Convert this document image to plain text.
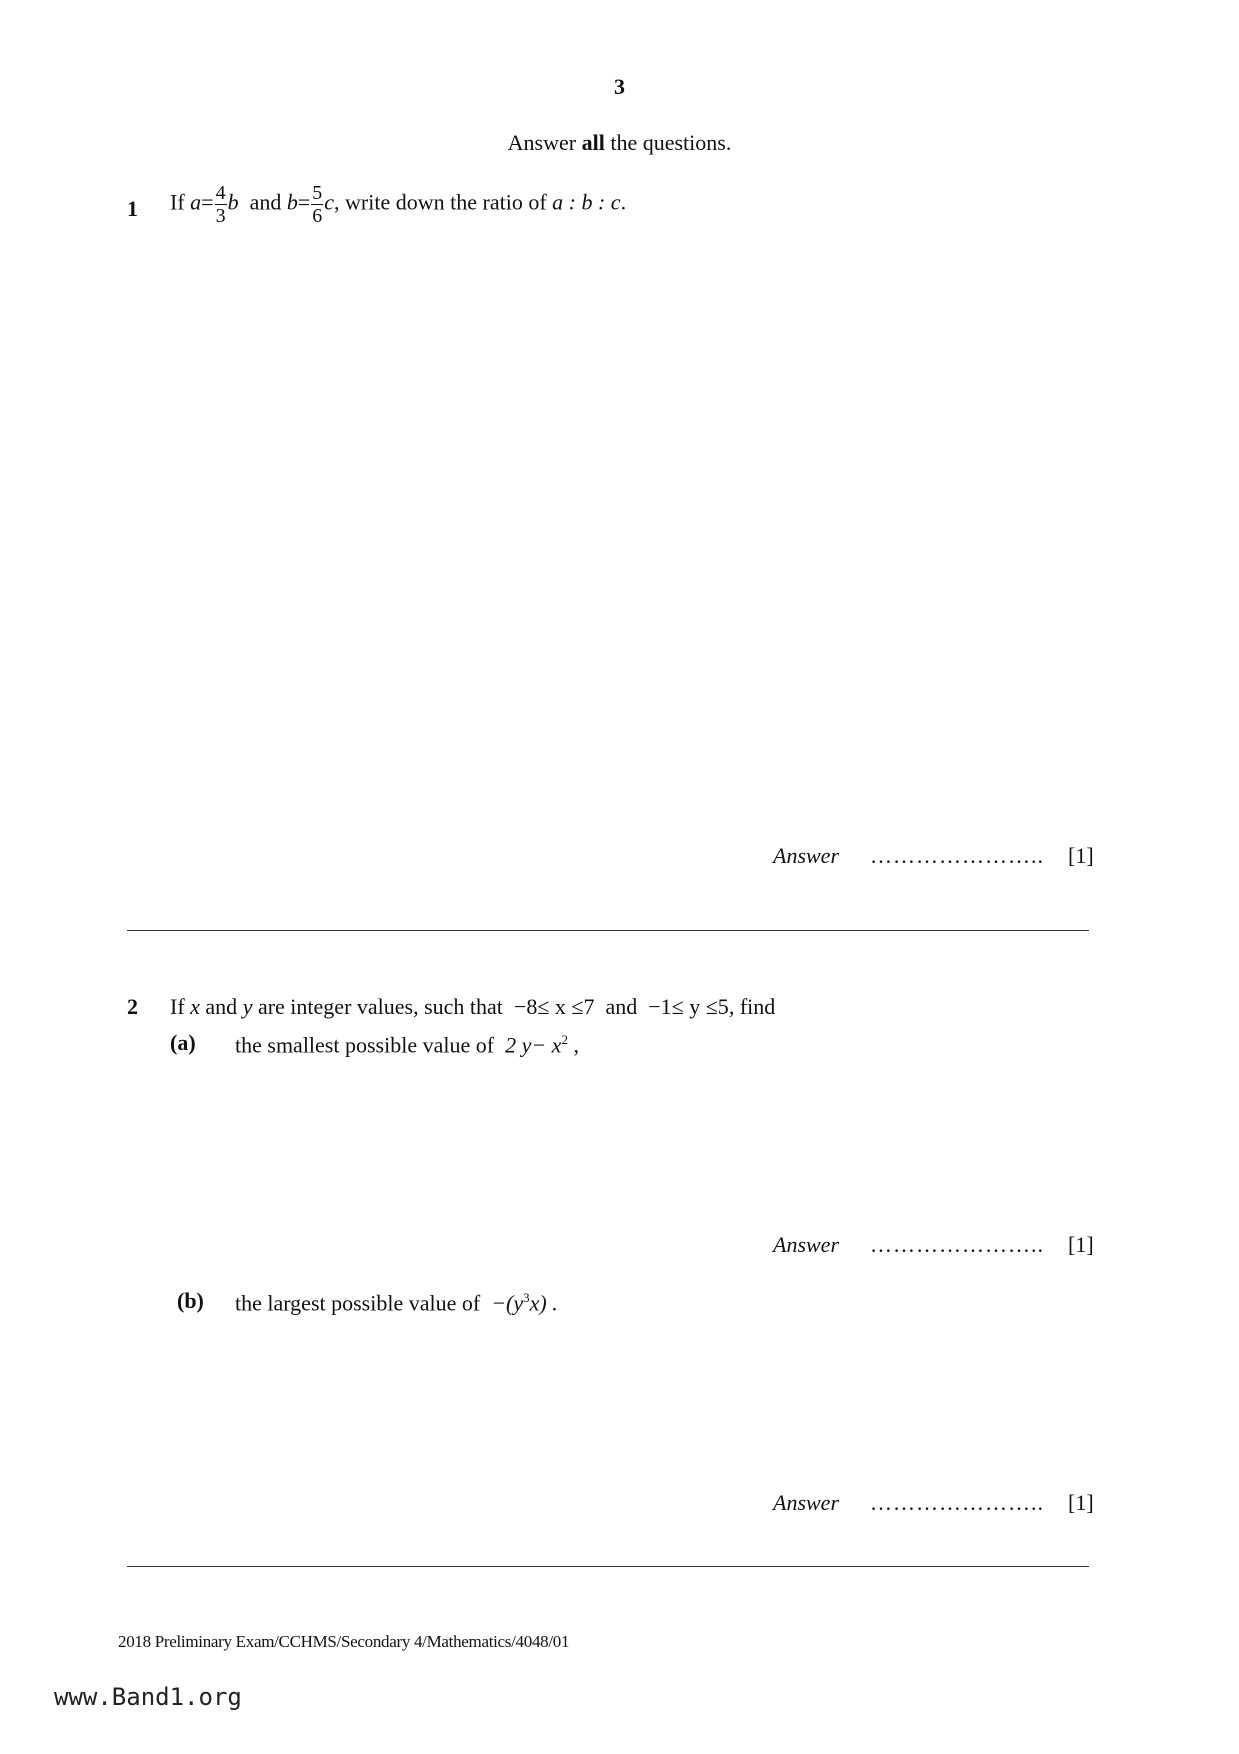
3
Answer all the questions.
1 If $a= \frac{4}{3}$ b and $b= \frac{5}{6} c$, write down the ratio of a : b : c.
Answer ………………….. [1]
2 If x and y are integer values, such that −8≤ x ≤7 and −1≤ y ≤5, find
(a) the smallest possible value of 2 $y- x^2$ ,
Answer ………………….. [1]
(b) the largest possible value of $-(y^3x)$ .
Answer ………………….. [1]
2018 Preliminary Exam/CCHMS/Secondary 4/Mathematics/4048/01
www.Band1.org
